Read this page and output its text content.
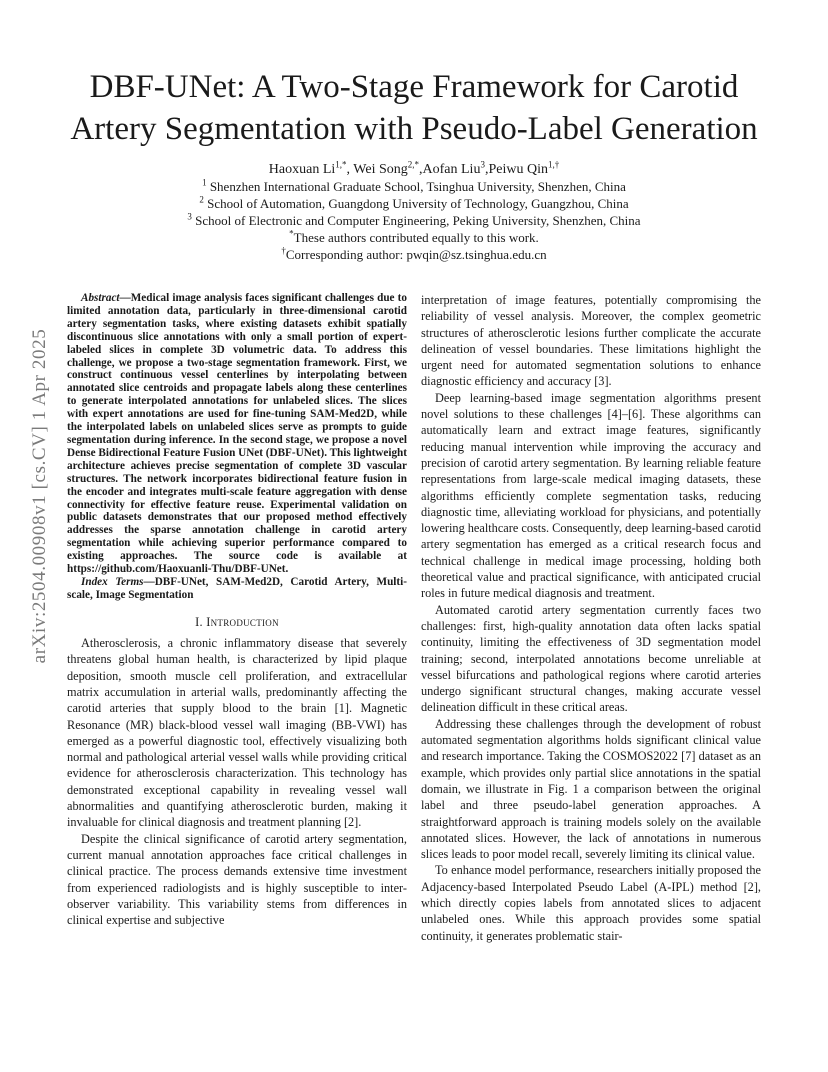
arXiv:2504.00908v1 [cs.CV] 1 Apr 2025
DBF-UNet: A Two-Stage Framework for Carotid
Artery Segmentation with Pseudo-Label Generation
Haoxuan $Li^{1,*}$, Wei Song$^{2,*}$,Aofan Liu$^3$,Peiwu Qin$^{1,\dagger}$
$^1$ Shenzhen International Graduate School, Tsinghua University, Shenzhen, China
$^2$ School of Automation, Guangdong University of Technology, Guangzhou, China
$^3$ School of Electronic and Computer Engineering, Peking University, Shenzhen, China
*These authors contributed equally to this work.
†Corresponding author: pwqin@sz.tsinghua.edu.cn

Abstract—Medical image analysis faces significant challenges due to limited annotation data, particularly in three-dimensional carotid artery segmentation tasks, where existing datasets exhibit spatially discontinuous slice annotations with only a small portion of expert-labeled slices in complete 3D volumetric data. To address this challenge, we propose a two-stage segmentation framework. First, we construct continuous vessel centerlines by interpolating between annotated slice centroids and propagate labels along these centerlines to generate interpolated annotations for unlabeled slices. The slices with expert annotations are used for fine-tuning SAM-Med2D, while the interpolated labels on unlabeled slices serve as prompts to guide segmentation during inference. In the second stage, we propose a novel Dense Bidirectional Feature Fusion UNet (DBF-UNet). This lightweight architecture achieves precise segmentation of complete 3D vascular structures. The network incorporates bidirectional feature fusion in the encoder and integrates multi-scale feature aggregation with dense connectivity for effective feature reuse. Experimental validation on public datasets demonstrates that our proposed method effectively addresses the sparse annotation challenge in carotid artery segmentation while achieving superior performance compared to existing approaches. The source code is available at https://github.com/Haoxuanli-Thu/DBF-UNet.

Index Terms—DBF-UNet, SAM-Med2D, Carotid Artery, Multi-scale, Image Segmentation

I. Introduction

Atherosclerosis, a chronic inflammatory disease that severely threatens global human health, is characterized by lipid plaque deposition, smooth muscle cell proliferation, and extracellular matrix accumulation in arterial walls, predominantly affecting the carotid arteries that supply blood to the brain [1]. Magnetic Resonance (MR) black-blood vessel wall imaging (BB-VWI) has emerged as a powerful diagnostic tool, effectively visualizing both normal and pathological arterial vessel walls while providing critical evidence for atherosclerosis characterization. This technology has demonstrated exceptional capability in revealing vessel wall abnormalities and quantifying atherosclerotic burden, making it invaluable for clinical diagnosis and treatment planning [2].

Despite the clinical significance of carotid artery segmentation, current manual annotation approaches face critical challenges in clinical practice. The process demands extensive time investment from experienced radiologists and is highly susceptible to inter-observer variability. This variability stems from differences in clinical expertise and subjective

interpretation of image features, potentially compromising the reliability of vessel analysis. Moreover, the complex geometric structures of atherosclerotic lesions further complicate the accurate delineation of vessel boundaries. These limitations highlight the urgent need for automated segmentation solutions to enhance diagnostic efficiency and accuracy [3].

Deep learning-based image segmentation algorithms present novel solutions to these challenges [4]–[6]. These algorithms can automatically learn and extract image features, significantly reducing manual intervention while improving the accuracy and precision of carotid artery segmentation. By learning reliable feature representations from large-scale medical imaging datasets, these algorithms efficiently complete segmentation tasks, reducing diagnostic time, alleviating workload for physicians, and potentially lowering healthcare costs. Consequently, deep learning-based carotid artery segmentation has emerged as a critical research focus and technical challenge in medical image processing, holding both theoretical value and practical significance, with anticipated crucial roles in future medical diagnosis and treatment.

Automated carotid artery segmentation currently faces two challenges: first, high-quality annotation data often lacks spatial continuity, limiting the effectiveness of 3D segmentation model training; second, interpolated annotations become unreliable at vessel bifurcations and pathological regions where carotid arteries undergo significant structural changes, making accurate vessel delineation difficult in these critical areas.

Addressing these challenges through the development of robust automated segmentation algorithms holds significant clinical value and research importance. Taking the COSMOS2022 [7] dataset as an example, which provides only partial slice annotations in the spatial domain, we illustrate in Fig. 1 a comparison between the original label and three pseudo-label generation approaches. A straightforward approach is training models solely on the available annotated slices. However, the lack of annotations in numerous slices leads to poor model recall, severely limiting its clinical value.

To enhance model performance, researchers initially proposed the Adjacency-based Interpolated Pseudo Label (A-IPL) method [2], which directly copies labels from annotated slices to adjacent unlabeled ones. While this approach provides some spatial continuity, it generates problematic stair-
